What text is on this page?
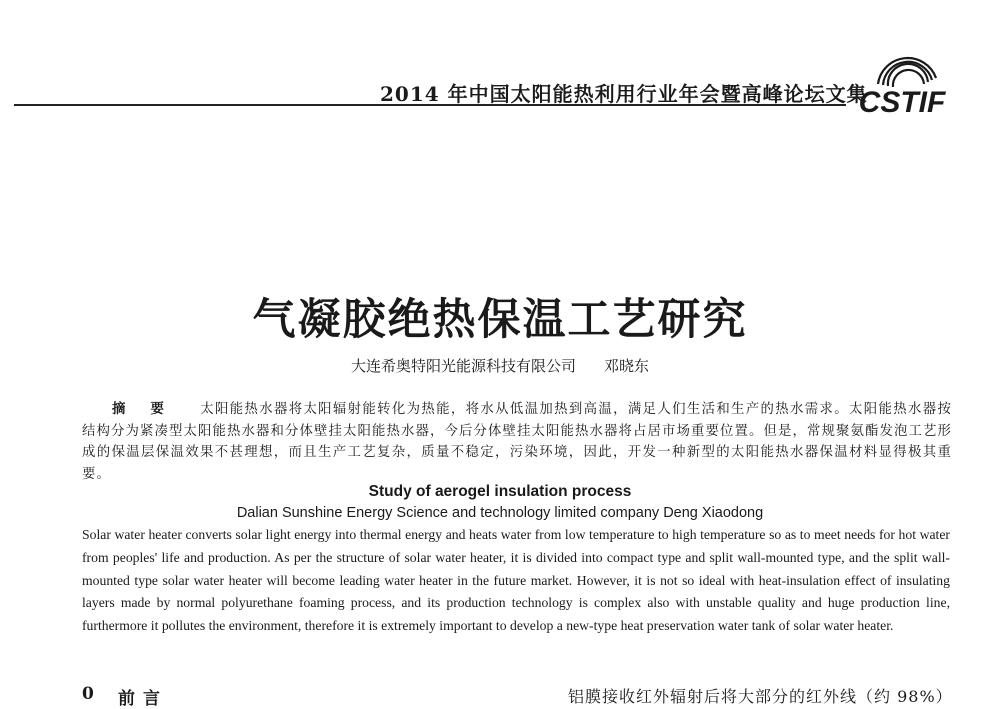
2014 年中国太阳能热利用行业年会暨高峰论坛文集
CSTIF
气凝胶绝热保温工艺研究
大连希奥特阳光能源科技有限公司 邓晓东
摘 要 太阳能热水器将太阳辐射能转化为热能，将水从低温加热到高温，满足人们生活和生产的热水需求。太阳能热水器按结构分为紧凑型太阳能热水器和分体壁挂太阳能热水器，今后分体壁挂太阳能热水器将占居市场重要位置。但是，常规聚氨酯发泡工艺形成的保温层保温效果不甚理想，而且生产工艺复杂，质量不稳定，污染环境，因此，开发一种新型的太阳能热水器保温材料显得极其重要。
Study of aerogel insulation process
Dalian Sunshine Energy Science and technology limited company Deng Xiaodong
Solar water heater converts solar light energy into thermal energy and heats water from low temperature to high temperature so as to meet needs for hot water from peoples' life and production. As per the structure of solar water heater, it is divided into compact type and split wall-mounted type, and the split wall-mounted type solar water heater will become leading water heater in the future market. However, it is not so ideal with heat-insulation effect of insulating layers made by normal polyurethane foaming process, and its production technology is complex also with unstable quality and huge production line, furthermore it pollutes the environment, therefore it is extremely important to develop a new-type heat preservation water tank of solar water heater.
0 前言	铝膜接收红外辐射后将大部分的红外线（约 98%）
